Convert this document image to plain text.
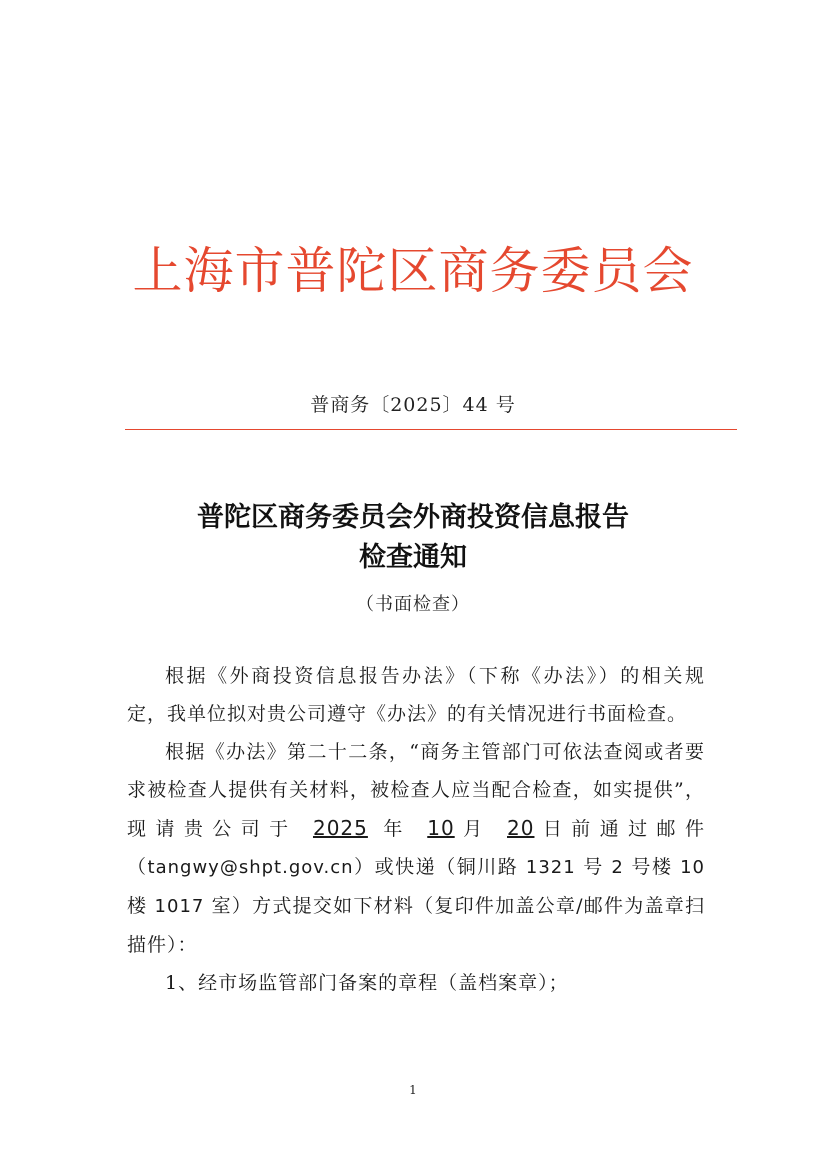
上海市普陀区商务委员会
普商务〔2025〕44 号
普陀区商务委员会外商投资信息报告
检查通知
（书面检查）

根据《外商投资信息报告办法》（下称《办法》）的相关规定，我单位拟对贵公司遵守《办法》的有关情况进行书面检查。

根据《办法》第二十二条，“商务主管部门可依法查阅或者要求被检查人提供有关材料，被检查人应当配合检查，如实提供”，现请贵公司于 2025 年 10月 20日前通过邮件（tangwy@shpt.gov.cn）或快递（铜川路 1321 号 2 号楼 10 楼 1017 室）方式提交如下材料（复印件加盖公章/邮件为盖章扫描件）：

1、经市场监管部门备案的章程（盖档案章）；

1
